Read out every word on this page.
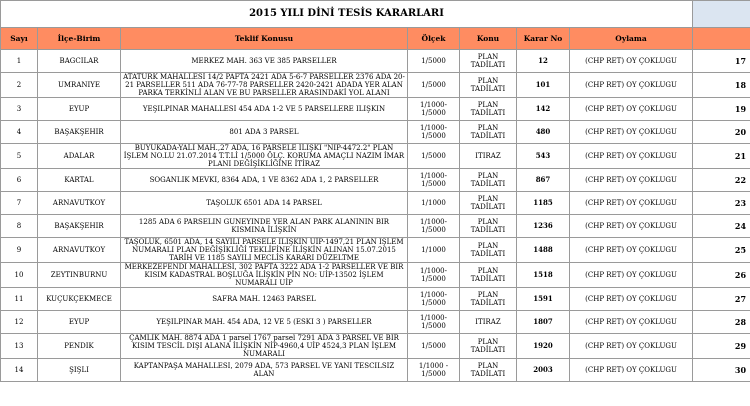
2015 YILI DİNİ TESİS KARARLARI							
Sayı	İlçe-Birim	Teklif Konusu	Ölçek	Konu	Karar No	Oylama	

1	BAĞCILAR	MERKEZ MAH. 363 VE 385 PARSELLER	1/5000	PLAN TADİLATI	12	(CHP RET) OY ÇOKLUĞU	17

2	ÜMRANİYE	ATATÜRK MAHALLESİ 14/2 PAFTA 2421 ADA 5-6-7 PARSELLER 2376 ADA 20-21 PARSELLER 511 ADA 76-77-78 PARSELLER 2420-2421 ADADA YER ALAN PARKA TERKİNLİ ALAN VE BU PARSELLER ARASINDAKİ YOL ALANI	1/5000	PLAN TADİLATI	101	(CHP RET) OY ÇOKLUĞU	18

3	EYÜP	YEŞİLPINAR MAHALLESİ 454 ADA 1-2 VE 5 PARSELLERE İLİŞKİN	1/1000-1/5000	PLAN TADİLATI	142	(CHP RET) OY ÇOKLUĞU	19

4	BAŞAKŞEHİR	801 ADA 3 PARSEL	1/1000-1/5000	PLAN TADİLATI	480	(CHP RET) OY ÇOKLUĞU	20

5	ADALAR	BÜYÜKADA-YALI MAH.,27 ADA, 16 PARSELE İLİŞKİ "NİP-4472.2" PLAN İŞLEM NO.LU 21.07.2014 T.T.Lİ 1/5000 ÖLÇ. KORUMA AMAÇLI NAZIM İMAR PLANI DEĞİŞİKLİĞİNE İTİRAZ	1/5000	İTİRAZ	543	(CHP RET) OY ÇOKLUĞU	21

6	KARTAL	SOĞANLIK MEVKİ, 8364 ADA, 1 VE 8362 ADA 1, 2 PARSELLER	1/1000-1/5000	PLAN TADİLATI	867	(CHP RET) OY ÇOKLUĞU	22

7	ARNAVUTKÖY	TAŞOLUK 6501 ADA 14 PARSEL	1/1000	PLAN TADİLATI	1185	(CHP RET) OY ÇOKLUĞU	23

8	BAŞAKŞEHİR	1285 ADA 6 PARSELİN GÜNEYİNDE YER ALAN PARK ALANININ BİR KISMINA İLİŞKİN	1/1000-1/5000	PLAN TADİLATI	1236	(CHP RET) OY ÇOKLUĞU	24

9	ARNAVUTKÖY	TAŞOLUK, 6501 ADA, 14 SAYILI PARSELE İLİŞKİN UİP-1497,21 PLAN İŞLEM NUMARALI PLAN DEĞİŞİKLİĞİ TEKLİFİNE İLİŞKİN ALINAN 15.07.2015 TARİH VE 1185 SAYILI MECLİS KARARI DÜZELTME	1/1000	PLAN TADİLATI	1488	(CHP RET) OY ÇOKLUĞU	25

10	ZEYTİNBURNU	MERKEZEFENDİ MAHALLESİ, 302 PAFTA 3222 ADA 1-2 PARSELLER VE BİR KISIM KADASTRAL BOŞLUĞA İLİŞKİN PİN NO: UİP-13502 İŞLEM NUMARALI UİP	1/1000-1/5000	PLAN TADİLATI	1518	(CHP RET) OY ÇOKLUĞU	26

11	KÜÇÜKÇEKMECE	SAFRA MAH. 12463 PARSEL	1/1000-1/5000	PLAN TADİLATI	1591	(CHP RET) OY ÇOKLUĞU	27

12	EYÜP	YEŞİLPINAR MAH. 454 ADA, 12 VE 5 (ESKİ 3 ) PARSELLER	1/1000-1/5000	İTİRAZ	1807	(CHP RET) OY ÇOKLUĞU	28

13	PENDİK	ÇAMLIK MAH. 8874 ADA 1 parsel 1767 parsel 7291 ADA 3 PARSEL VE BİR KISIM TESCİL DIŞI ALANA İLİŞKİN NİP-4960,4 UİP 4524,3 PLAN İŞLEM NUMARALI	1/5000	PLAN TADİLATI	1920	(CHP RET) OY ÇOKLUĞU	29

14	ŞİŞLİ	KAPTANPAŞA MAHALLESİ, 2079 ADA, 573 PARSEL VE YANI TESCİLSİZ ALAN	1/1000 - 1/5000	PLAN TADİLATI	2003	(CHP RET) OY ÇOKLUĞU	30
